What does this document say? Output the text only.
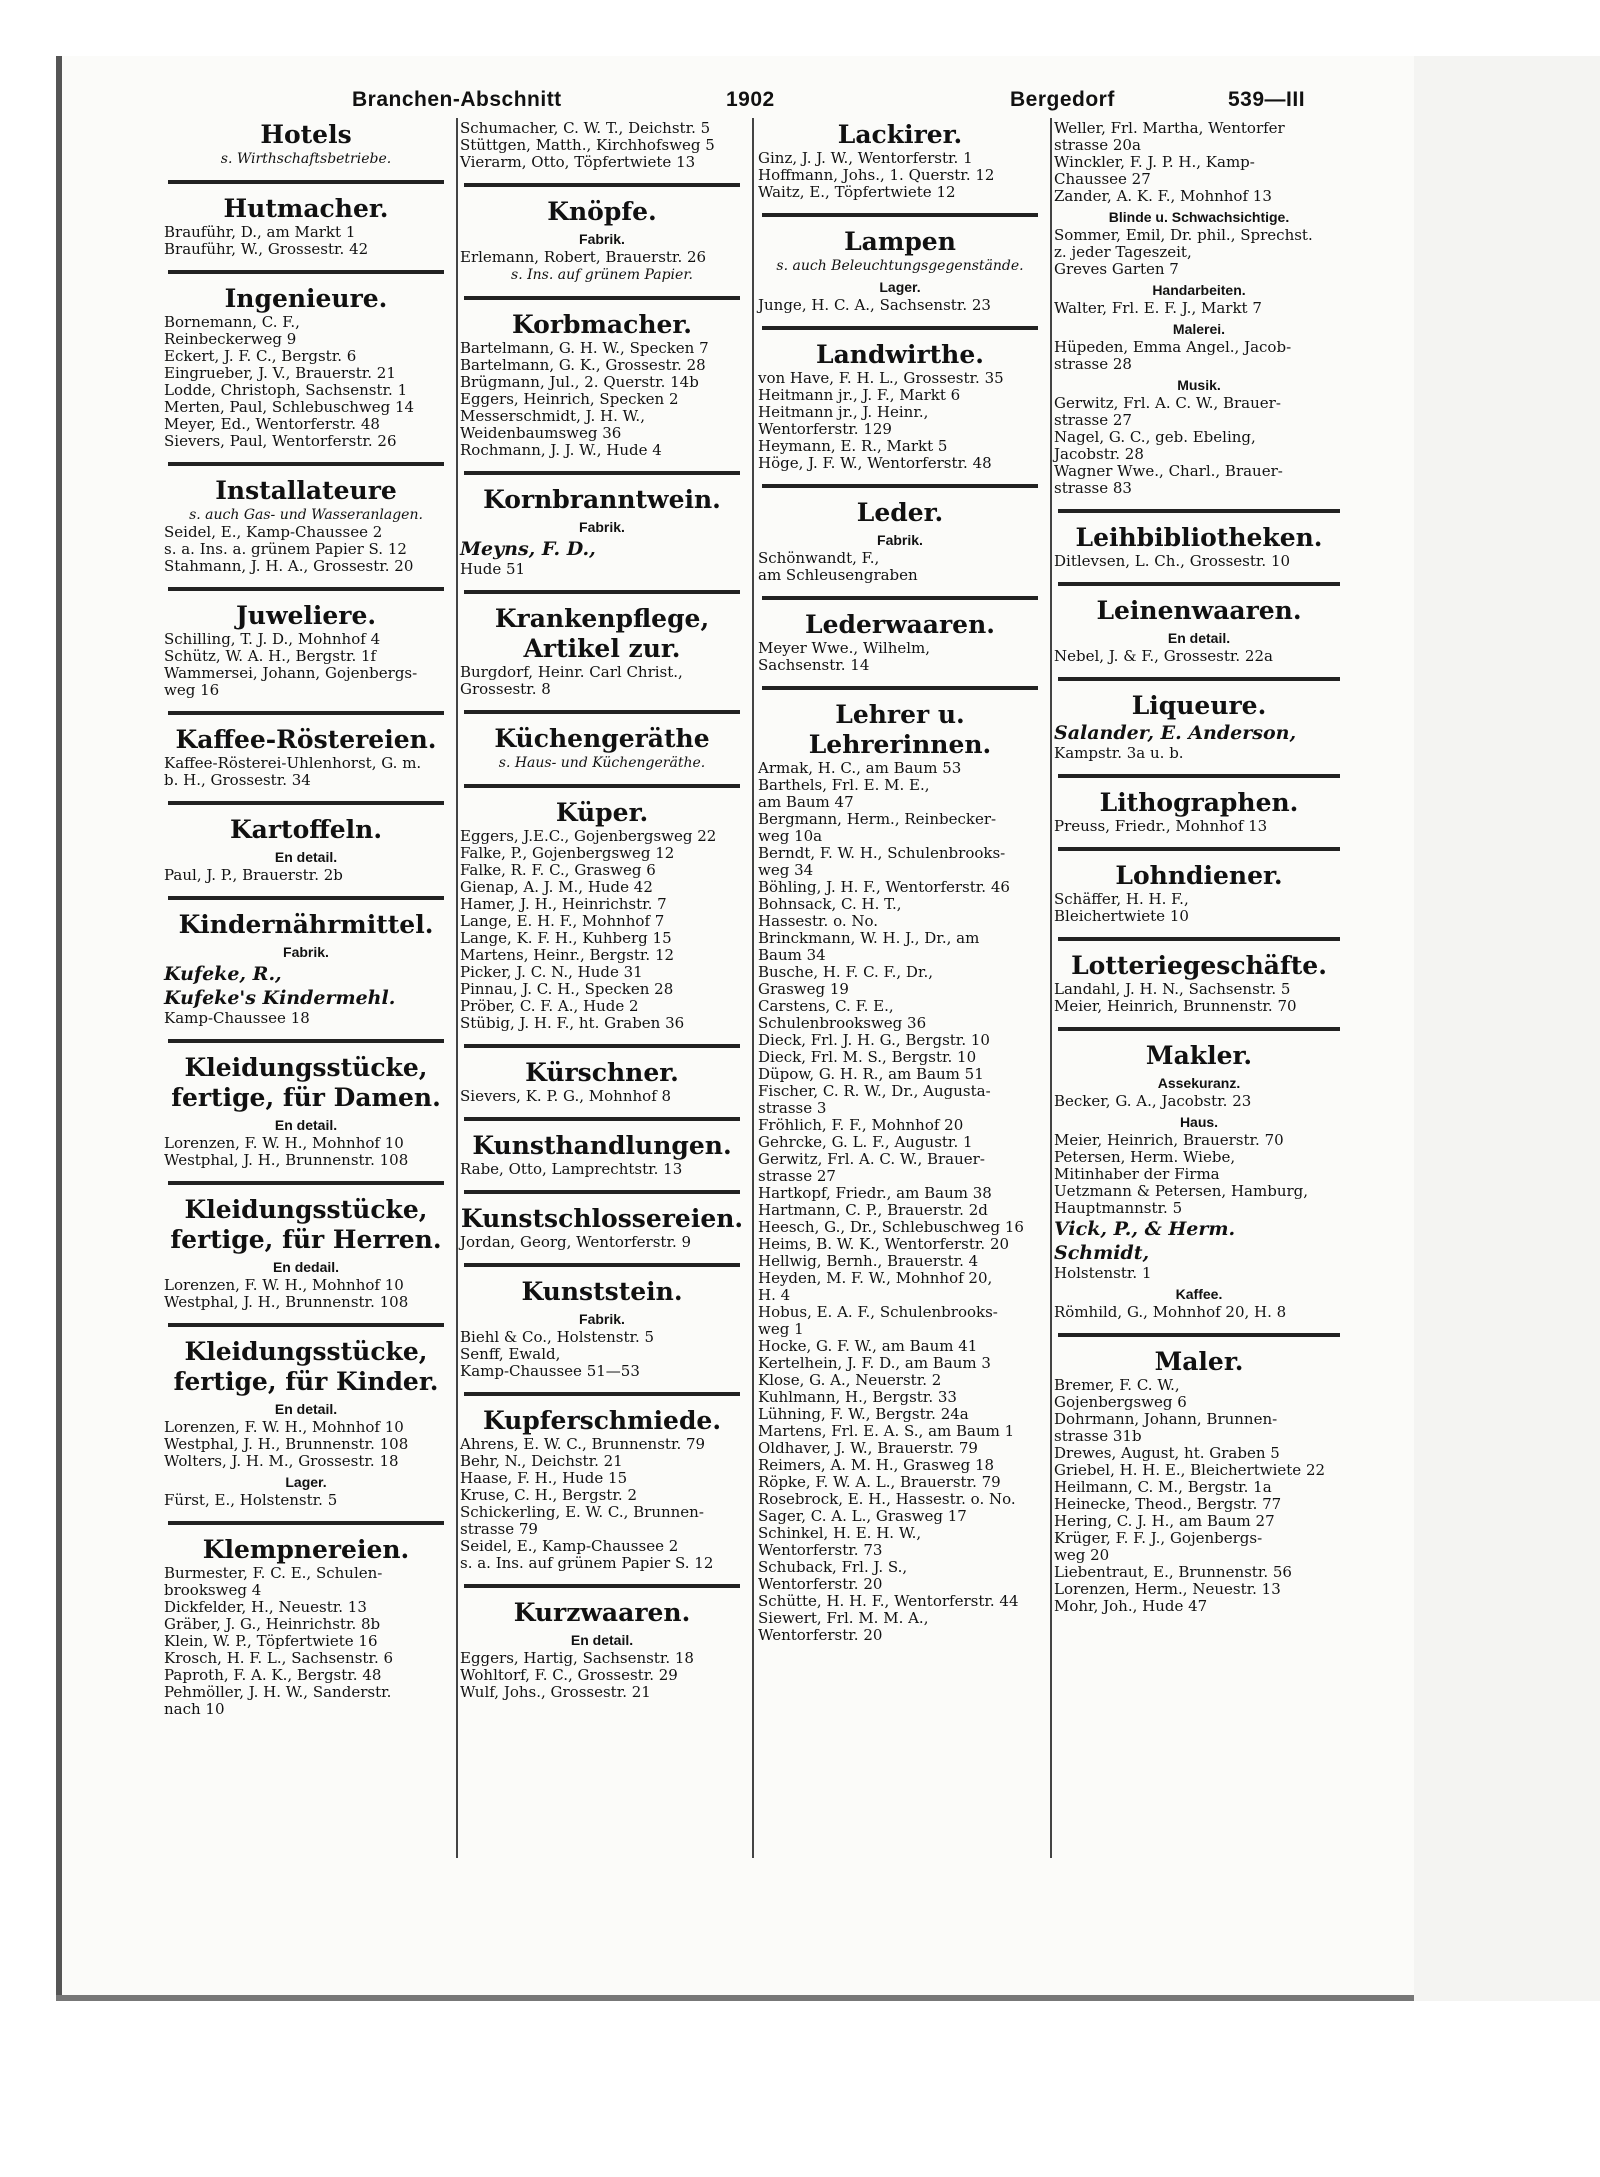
Branchen-Abschnitt	1902	Bergedorf	539—III
Hotels
s. Wirthschaftsbetriebe.
Hutmacher.
Brauführ, D., am Markt 1
Brauführ, W., Grossestr. 42
Ingenieure.
Bornemann, C. F.,
Reinbeckerweg 9
Eckert, J. F. C., Bergstr. 6
Eingrueber, J. V., Brauerstr. 21
Lodde, Christoph, Sachsenstr. 1
Merten, Paul, Schlebuschweg 14
Meyer, Ed., Wentorferstr. 48
Sievers, Paul, Wentorferstr. 26
Installateure
s. auch Gas- und Wasseranlagen.
Seidel, E., Kamp-Chaussee 2
s. a. Ins. a. grünem Papier S. 12
Stahmann, J. H. A., Grossestr. 20
Juweliere.
Schilling, T. J. D., Mohnhof 4
Schütz, W. A. H., Bergstr. 1f
Wammersei, Johann, Gojenbergs-
weg 16
Kaffee-Röstereien.
Kaffee-Rösterei-Uhlenhorst, G. m.
b. H., Grossestr. 34
Kartoffeln.
En detail.
Paul, J. P., Brauerstr. 2b
Kindernährmittel.
Fabrik.
Kufeke, R.,
Kufeke's Kindermehl.
Kamp-Chaussee 18
Kleidungsstücke, fertige, für Damen.
En detail.
Lorenzen, F. W. H., Mohnhof 10
Westphal, J. H., Brunnenstr. 108
Kleidungsstücke, fertige, für Herren.
En dedail.
Lorenzen, F. W. H., Mohnhof 10
Westphal, J. H., Brunnenstr. 108
Kleidungsstücke, fertige, für Kinder.
En detail.
Lorenzen, F. W. H., Mohnhof 10
Westphal, J. H., Brunnenstr. 108
Wolters, J. H. M., Grossestr. 18
Lager.
Fürst, E., Holstenstr. 5
Klempnereien.
Burmester, F. C. E., Schulen-
brooksweg 4
Dickfelder, H., Neuestr. 13
Gräber, J. G., Heinrichstr. 8b
Klein, W. P., Töpfertwiete 16
Krosch, H. F. L., Sachsenstr. 6
Paproth, F. A. K., Bergstr. 48
Pehmöller, J. H. W., Sanderstr.
nach 10
Schumacher, C. W. T., Deichstr. 5
Stüttgen, Matth., Kirchhofsweg 5
Vierarm, Otto, Töpfertwiete 13
Knöpfe.
Fabrik.
Erlemann, Robert, Brauerstr. 26
s. Ins. auf grünem Papier.
Korbmacher.
Bartelmann, G. H. W., Specken 7
Bartelmann, G. K., Grossestr. 28
Brügmann, Jul., 2. Querstr. 14b
Eggers, Heinrich, Specken 2
Messerschmidt, J. H. W.,
Weidenbaumsweg 36
Rochmann, J. J. W., Hude 4
Kornbranntwein.
Fabrik.
Meyns, F. D.,
Hude 51
Krankenpflege, Artikel zur.
Burgdorf, Heinr. Carl Christ.,
Grossestr. 8
Küchengeräthe
s. Haus- und Küchengeräthe.
Küper.
Eggers, J.E.C., Gojenbergsweg 22
Falke, P., Gojenbergsweg 12
Falke, R. F. C., Grasweg 6
Gienap, A. J. M., Hude 42
Hamer, J. H., Heinrichstr. 7
Lange, E. H. F., Mohnhof 7
Lange, K. F. H., Kuhberg 15
Martens, Heinr., Bergstr. 12
Picker, J. C. N., Hude 31
Pinnau, J. C. H., Specken 28
Pröber, C. F. A., Hude 2
Stübig, J. H. F., ht. Graben 36
Kürschner.
Sievers, K. P. G., Mohnhof 8
Kunsthandlungen.
Rabe, Otto, Lamprechtstr. 13
Kunstschlossereien.
Jordan, Georg, Wentorferstr. 9
Kunststein.
Fabrik.
Biehl & Co., Holstenstr. 5
Senff, Ewald,
Kamp-Chaussee 51—53
Kupferschmiede.
Ahrens, E. W. C., Brunnenstr. 79
Behr, N., Deichstr. 21
Haase, F. H., Hude 15
Kruse, C. H., Bergstr. 2
Schickerling, E. W. C., Brunnen-
strasse 79
Seidel, E., Kamp-Chaussee 2
s. a. Ins. auf grünem Papier S. 12
Kurzwaaren.
En detail.
Eggers, Hartig, Sachsenstr. 18
Wohltorf, F. C., Grossestr. 29
Wulf, Johs., Grossestr. 21
Lackirer.
Ginz, J. J. W., Wentorferstr. 1
Hoffmann, Johs., 1. Querstr. 12
Waitz, E., Töpfertwiete 12
Lampen
s. auch Beleuchtungsgegenstände.
Lager.
Junge, H. C. A., Sachsenstr. 23
Landwirthe.
von Have, F. H. L., Grossestr. 35
Heitmann jr., J. F., Markt 6
Heitmann jr., J. Heinr.,
Wentorferstr. 129
Heymann, E. R., Markt 5
Höge, J. F. W., Wentorferstr. 48
Leder.
Fabrik.
Schönwandt, F.,
am Schleusengraben
Lederwaaren.
Meyer Wwe., Wilhelm,
Sachsenstr. 14
Lehrer u. Lehrerinnen.
Armak, H. C., am Baum 53
Barthels, Frl. E. M. E.,
am Baum 47
Bergmann, Herm., Reinbecker-
weg 10a
Berndt, F. W. H., Schulenbrooks-
weg 34
Böhling, J. H. F., Wentorferstr. 46
Bohnsack, C. H. T.,
Hassestr. o. No.
Brinckmann, W. H. J., Dr., am
Baum 34
Busche, H. F. C. F., Dr.,
Grasweg 19
Carstens, C. F. E.,
Schulenbrooksweg 36
Dieck, Frl. J. H. G., Bergstr. 10
Dieck, Frl. M. S., Bergstr. 10
Düpow, G. H. R., am Baum 51
Fischer, C. R. W., Dr., Augusta-
strasse 3
Fröhlich, F. F., Mohnhof 20
Gehrcke, G. L. F., Augustr. 1
Gerwitz, Frl. A. C. W., Brauer-
strasse 27
Hartkopf, Friedr., am Baum 38
Hartmann, C. P., Brauerstr. 2d
Heesch, G., Dr., Schlebuschweg 16
Heims, B. W. K., Wentorferstr. 20
Hellwig, Bernh., Brauerstr. 4
Heyden, M. F. W., Mohnhof 20,
H. 4
Hobus, E. A. F., Schulenbrooks-
weg 1
Hocke, G. F. W., am Baum 41
Kertelhein, J. F. D., am Baum 3
Klose, G. A., Neuerstr. 2
Kuhlmann, H., Bergstr. 33
Lühning, F. W., Bergstr. 24a
Martens, Frl. E. A. S., am Baum 1
Oldhaver, J. W., Brauerstr. 79
Reimers, A. M. H., Grasweg 18
Röpke, F. W. A. L., Brauerstr. 79
Rosebrock, E. H., Hassestr. o. No.
Sager, C. A. L., Grasweg 17
Schinkel, H. E. H. W.,
Wentorferstr. 73
Schuback, Frl. J. S.,
Wentorferstr. 20
Schütte, H. H. F., Wentorferstr. 44
Siewert, Frl. M. M. A.,
Wentorferstr. 20
Weller, Frl. Martha, Wentorfer
strasse 20a
Winckler, F. J. P. H., Kamp-
Chaussee 27
Zander, A. K. F., Mohnhof 13
Blinde u. Schwachsichtige.
Sommer, Emil, Dr. phil., Sprechst.
z. jeder Tageszeit,
Greves Garten 7
Handarbeiten.
Walter, Frl. E. F. J., Markt 7
Malerei.
Hüpeden, Emma Angel., Jacob-
strasse 28
Musik.
Gerwitz, Frl. A. C. W., Brauer-
strasse 27
Nagel, G. C., geb. Ebeling,
Jacobstr. 28
Wagner Wwe., Charl., Brauer-
strasse 83
Leihbibliotheken.
Ditlevsen, L. Ch., Grossestr. 10
Leinenwaaren.
En detail.
Nebel, J. & F., Grossestr. 22a
Liqueure.
Salander, E. Anderson,
Kampstr. 3a u. b.
Lithographen.
Preuss, Friedr., Mohnhof 13
Lohndiener.
Schäffer, H. H. F.,
Bleichertwiete 10
Lotteriegeschäfte.
Landahl, J. H. N., Sachsenstr. 5
Meier, Heinrich, Brunnenstr. 70
Makler.
Assekuranz.
Becker, G. A., Jacobstr. 23
Haus.
Meier, Heinrich, Brauerstr. 70
Petersen, Herm. Wiebe,
Mitinhaber der Firma
Uetzmann & Petersen, Hamburg,
Hauptmannstr. 5
Vick, P., & Herm.
Schmidt,
Holstenstr. 1
Kaffee.
Römhild, G., Mohnhof 20, H. 8
Maler.
Bremer, F. C. W.,
Gojenbergsweg 6
Dohrmann, Johann, Brunnen-
strasse 31b
Drewes, August, ht. Graben 5
Griebel, H. H. E., Bleichertwiete 22
Heilmann, C. M., Bergstr. 1a
Heinecke, Theod., Bergstr. 77
Hering, C. J. H., am Baum 27
Krüger, F. F. J., Gojenbergs-
weg 20
Liebentraut, E., Brunnenstr. 56
Lorenzen, Herm., Neuestr. 13
Mohr, Joh., Hude 47
